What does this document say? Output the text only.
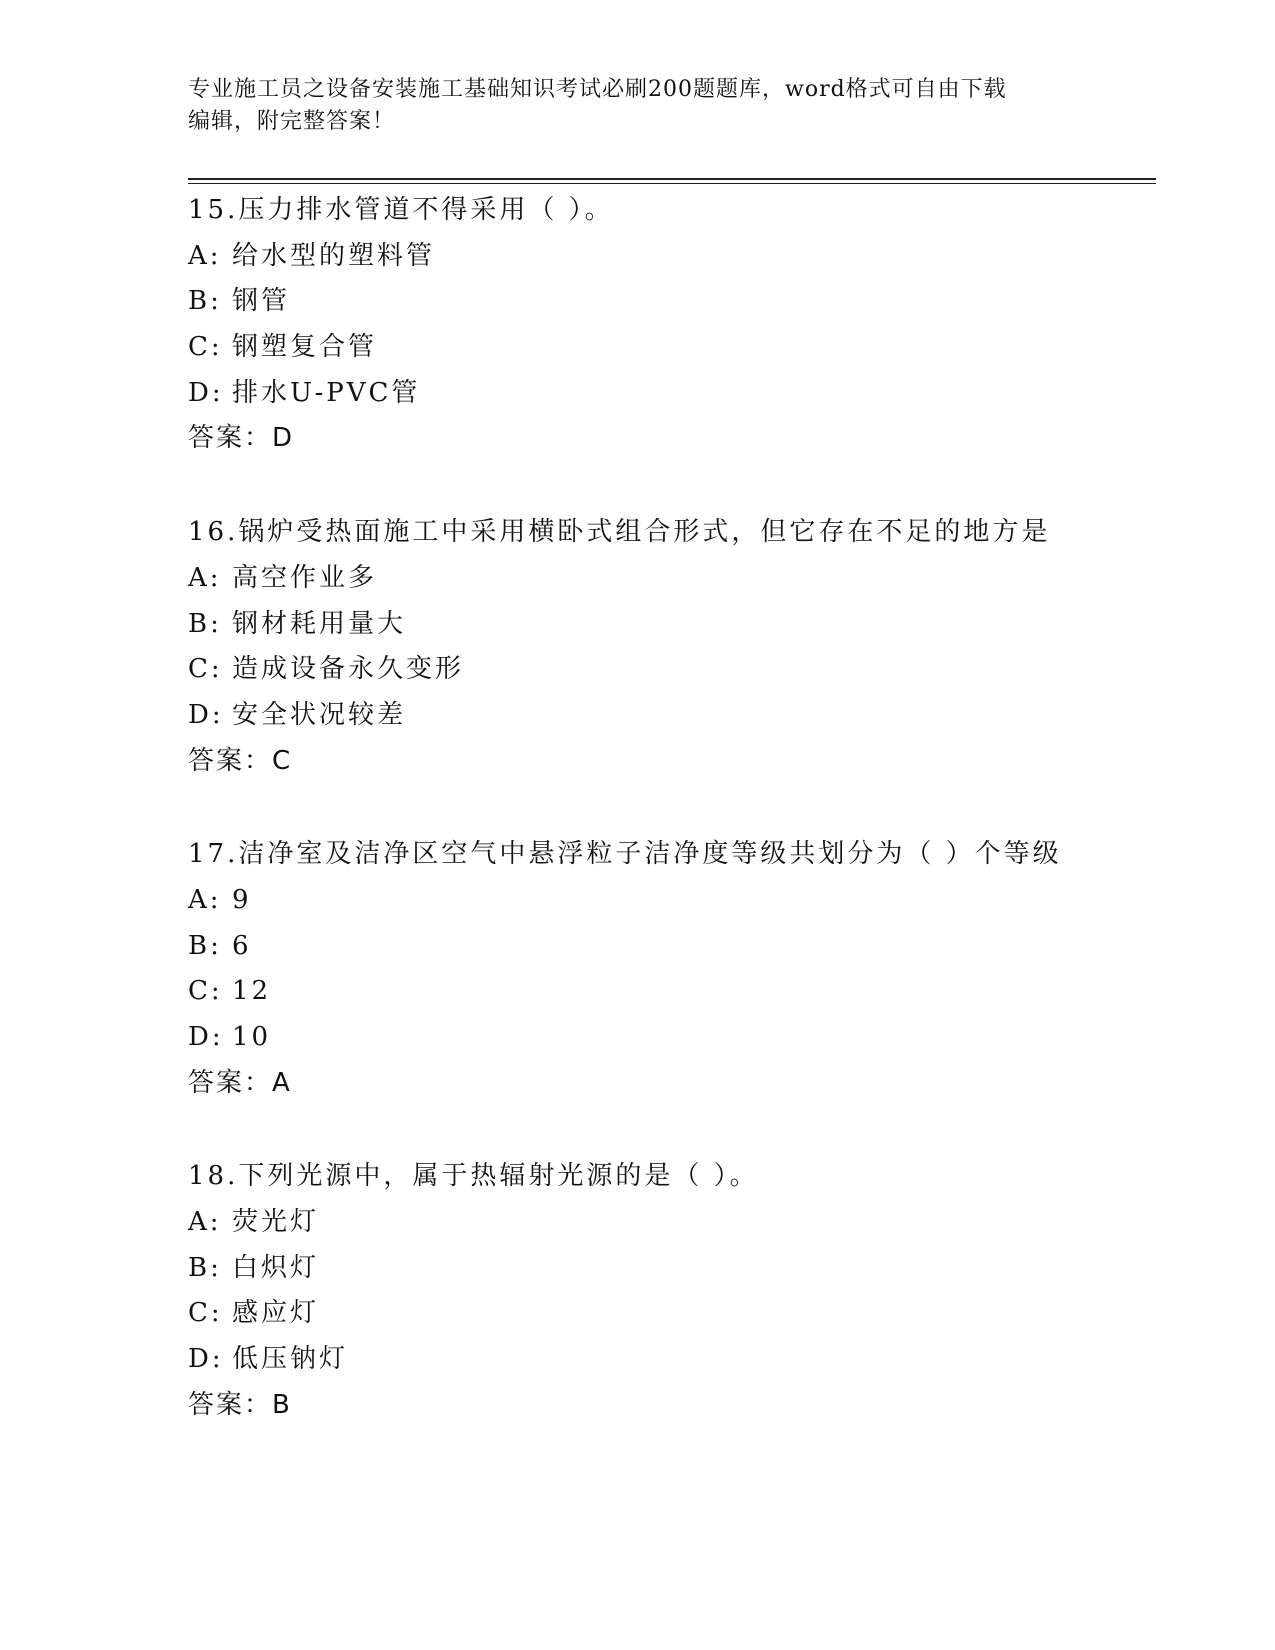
专业施工员之设备安装施工基础知识考试必刷200题题库，word格式可自由下载
编辑，附完整答案！
15.压力排水管道不得采用（ ）。
A: 给水型的塑料管
B: 钢管
C: 钢塑复合管
D: 排水U-PVC管
答案：D
16.锅炉受热面施工中采用横卧式组合形式，但它存在不足的地方是
A: 高空作业多
B: 钢材耗用量大
C: 造成设备永久变形
D: 安全状况较差
答案：C
17.洁净室及洁净区空气中悬浮粒子洁净度等级共划分为（ ）个等级
A: 9
B: 6
C: 12
D: 10
答案：A
18.下列光源中，属于热辐射光源的是（ ）。
A: 荧光灯
B: 白炽灯
C: 感应灯
D: 低压钠灯
答案：B
